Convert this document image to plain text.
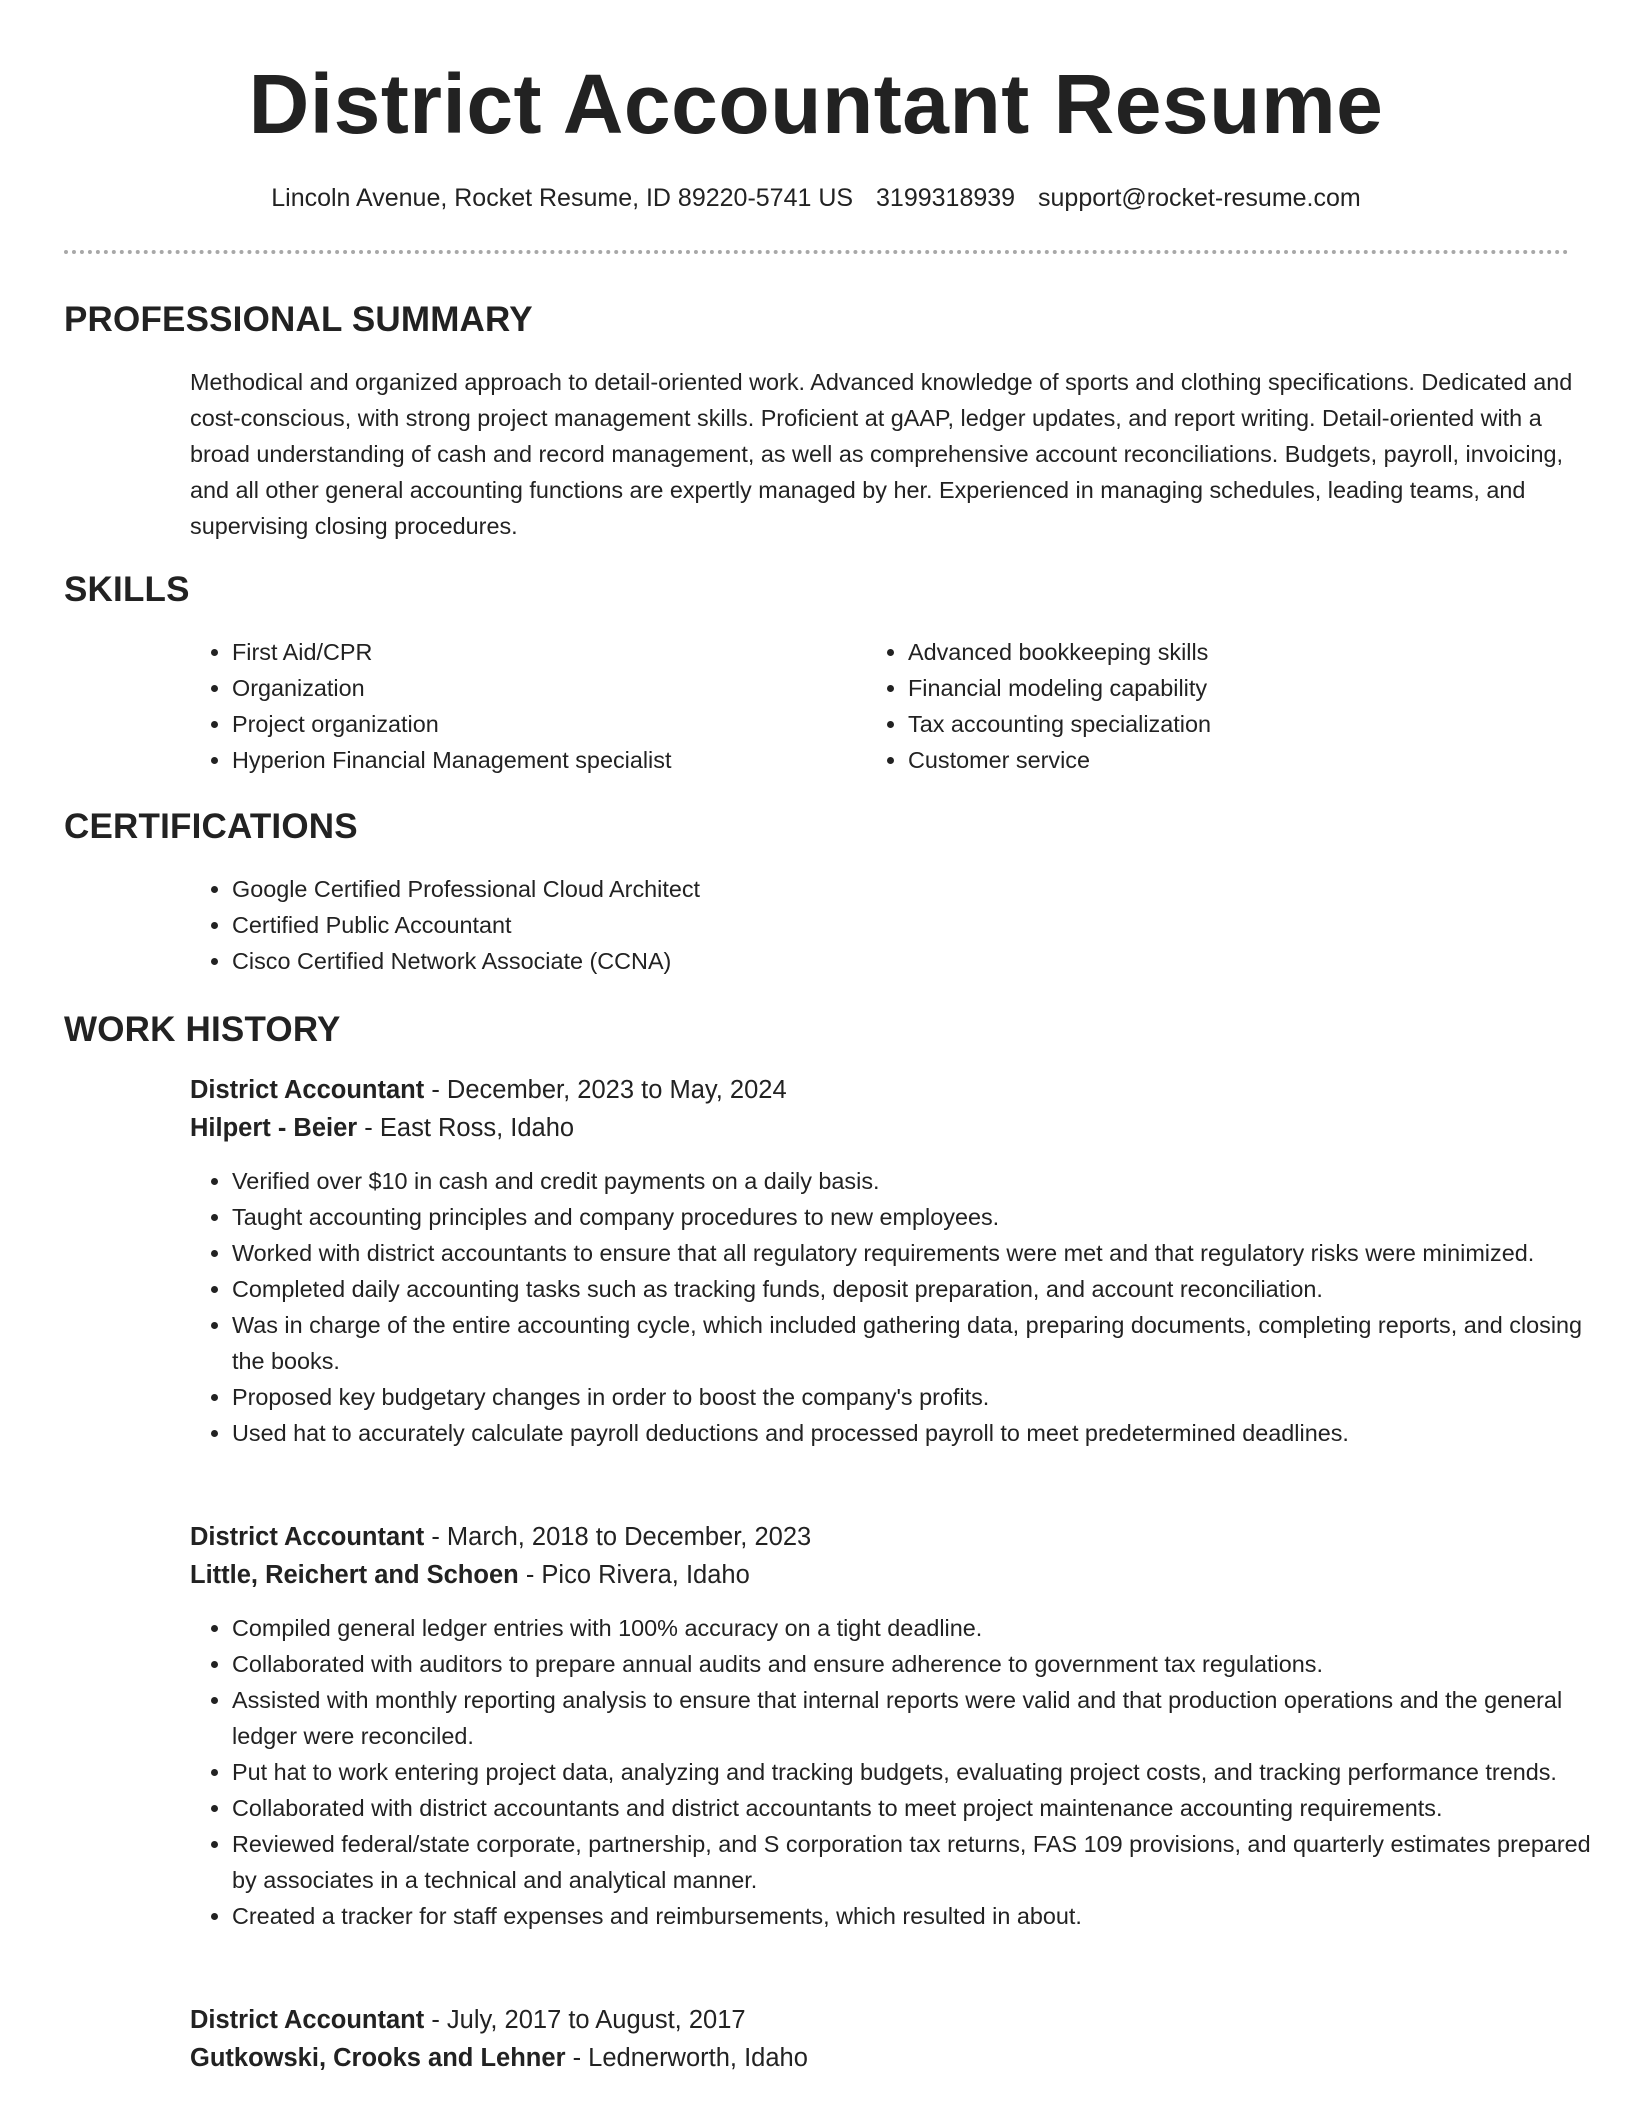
District Accountant Resume
Lincoln Avenue, Rocket Resume, ID 89220-5741 US 3199318939 support@rocket-resume.com
PROFESSIONAL SUMMARY

Methodical and organized approach to detail-oriented work. Advanced knowledge of sports and clothing specifications. Dedicated and cost-conscious, with strong project management skills. Proficient at gAAP, ledger updates, and report writing. Detail-oriented with a broad understanding of cash and record management, as well as comprehensive account reconciliations. Budgets, payroll, invoicing, and all other general accounting functions are expertly managed by her. Experienced in managing schedules, leading teams, and supervising closing procedures.

SKILLS
• First Aid/CPR
• Organization
• Project organization
• Hyperion Financial Management specialist
• Advanced bookkeeping skills
• Financial modeling capability
• Tax accounting specialization
• Customer service
CERTIFICATIONS
• Google Certified Professional Cloud Architect
• Certified Public Accountant
• Cisco Certified Network Associate (CCNA)
WORK HISTORY
District Accountant - December, 2023 to May, 2024
Hilpert - Beier - East Ross, Idaho
• Verified over $10 in cash and credit payments on a daily basis.
• Taught accounting principles and company procedures to new employees.
• Worked with district accountants to ensure that all regulatory requirements were met and that regulatory risks were minimized.
• Completed daily accounting tasks such as tracking funds, deposit preparation, and account reconciliation.
• Was in charge of the entire accounting cycle, which included gathering data, preparing documents, completing reports, and closing the books.
• Proposed key budgetary changes in order to boost the company's profits.
• Used hat to accurately calculate payroll deductions and processed payroll to meet predetermined deadlines.
District Accountant - March, 2018 to December, 2023
Little, Reichert and Schoen - Pico Rivera, Idaho
• Compiled general ledger entries with 100% accuracy on a tight deadline.
• Collaborated with auditors to prepare annual audits and ensure adherence to government tax regulations.
• Assisted with monthly reporting analysis to ensure that internal reports were valid and that production operations and the general ledger were reconciled.
• Put hat to work entering project data, analyzing and tracking budgets, evaluating project costs, and tracking performance trends.
• Collaborated with district accountants and district accountants to meet project maintenance accounting requirements.
• Reviewed federal/state corporate, partnership, and S corporation tax returns, FAS 109 provisions, and quarterly estimates prepared by associates in a technical and analytical manner.
• Created a tracker for staff expenses and reimbursements, which resulted in about.
District Accountant - July, 2017 to August, 2017
Gutkowski, Crooks and Lehner - Lednerworth, Idaho
